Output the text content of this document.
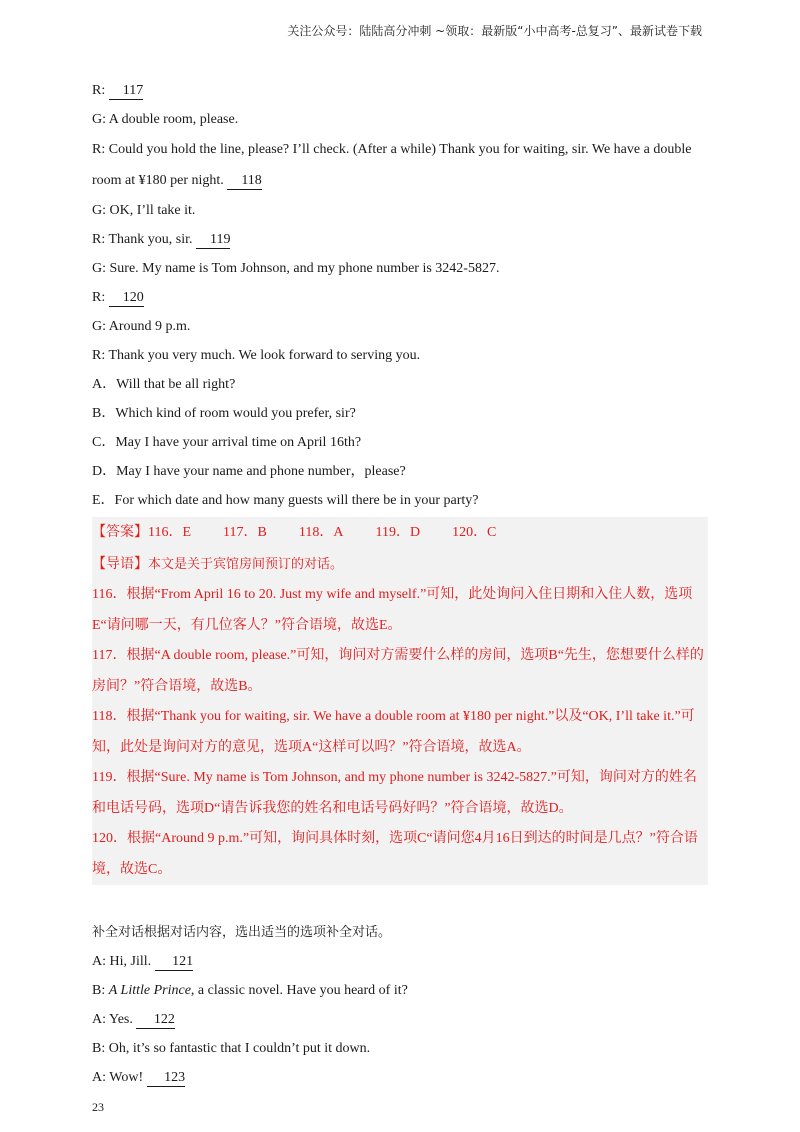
关注公众号：陆陆高分冲刺 ~领取：最新版“小中高考-总复习”、最新试卷下载

R:     117

G: A double room, please.

R: Could you hold the line, please? I’ll check. (After a while) Thank you for waiting, sir. We have a double room at ¥180 per night.     118

G: OK, I’ll take it.

R: Thank you, sir.     119

G: Sure. My name is Tom Johnson, and my phone number is 3242-5827.

R:     120

G: Around 9 p.m.

R: Thank you very much. We look forward to serving you.

A．Will that be all right?

B．Which kind of room would you prefer, sir?

C．May I have your arrival time on April 16th?

D．May I have your name and phone number，please?

E．For which date and how many guests will there be in your party?

【答案】116．E 117．B 118．A 119．D 120．C

【导语】本文是关于宾馆房间预订的对话。

116．根据“From April 16 to 20. Just my wife and myself.”可知，此处询问入住日期和入住人数，选项E“请问哪一天，有几位客人？”符合语境，故选E。

117．根据“A double room, please.”可知，询问对方需要什么样的房间，选项B“先生，您想要什么样的房间？”符合语境，故选B。

118．根据“Thank you for waiting, sir. We have a double room at ¥180 per night.”以及“OK, I’ll take it.”可知，此处是询问对方的意见，选项A“这样可以吗？”符合语境，故选A。

119．根据“Sure. My name is Tom Johnson, and my phone number is 3242-5827.”可知，询问对方的姓名和电话号码，选项D“请告诉我您的姓名和电话号码好吗？”符合语境，故选D。

120．根据“Around 9 p.m.”可知，询问具体时刻，选项C“请问您4月16日到达的时间是几点？”符合语境，故选C。

补全对话根据对话内容，选出适当的选项补全对话。

A: Hi, Jill.      121

B: A Little Prince, a classic novel. Have you heard of it?

A: Yes.      122

B: Oh, it’s so fantastic that I couldn’t put it down.

A: Wow!      123

23
